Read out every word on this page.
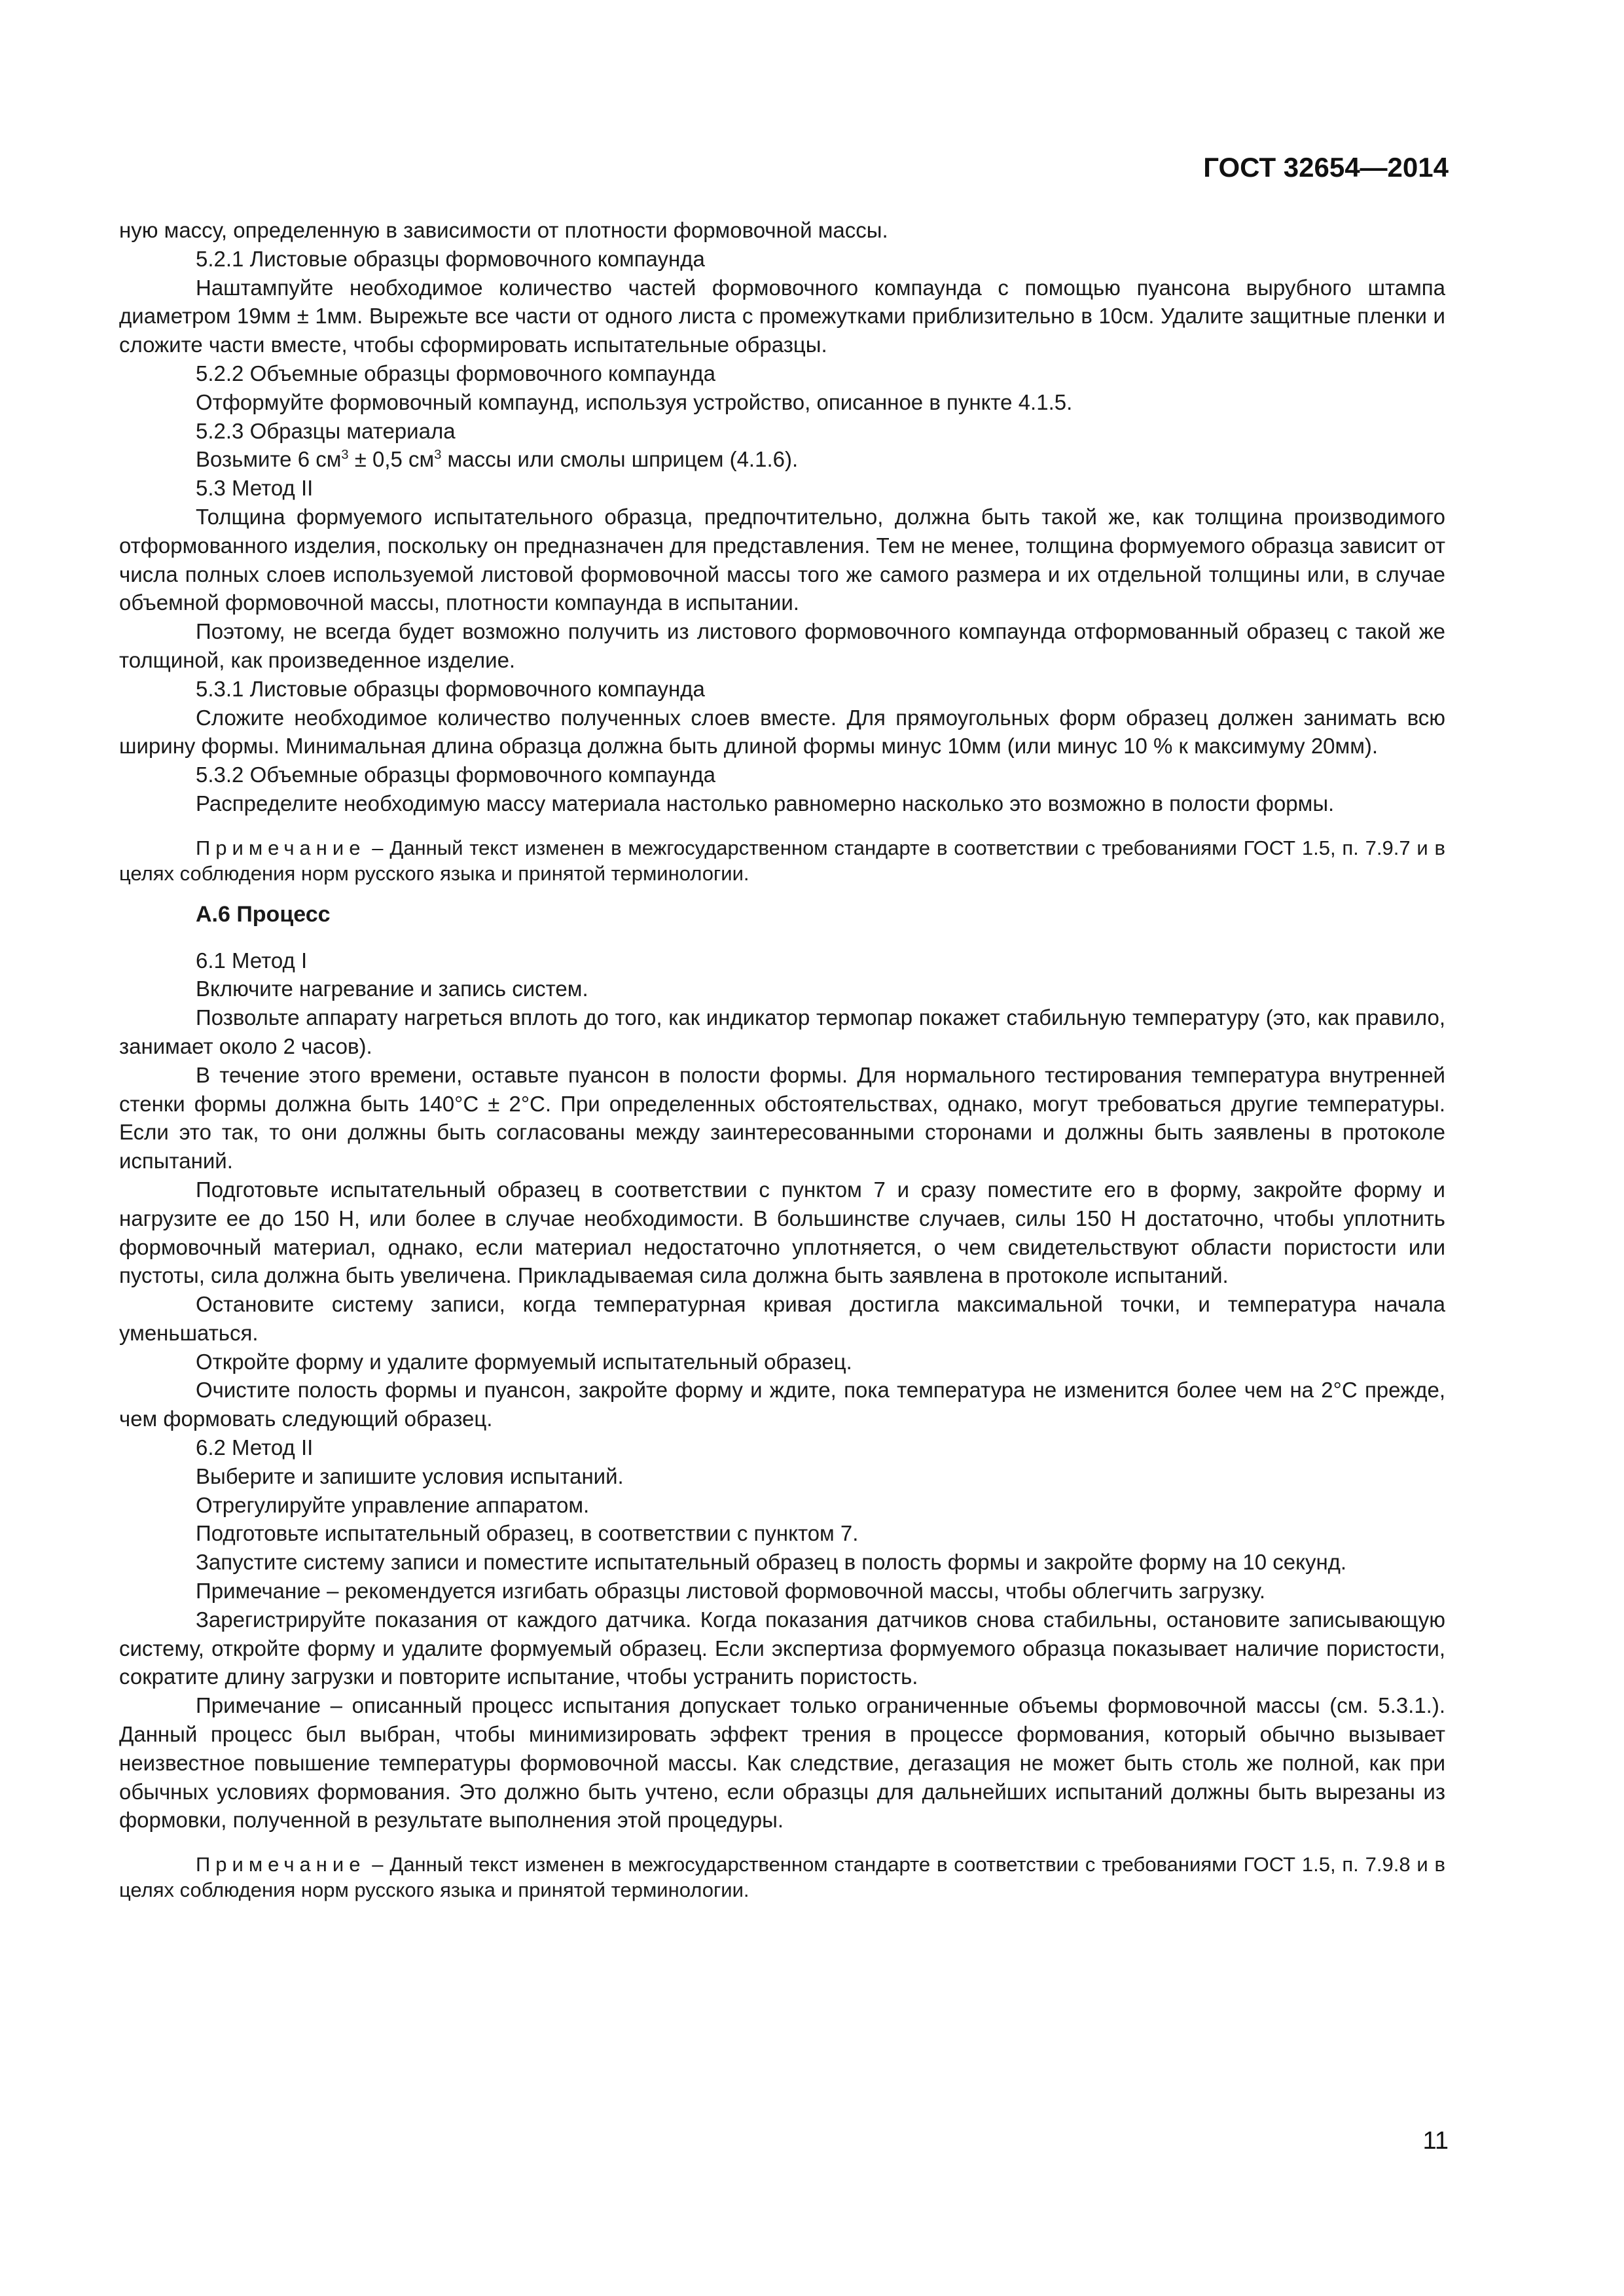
ГОСТ 32654—2014

ную массу, определенную в зависимости от плотности формовочной массы.

5.2.1 Листовые образцы формовочного компаунда

Наштампуйте необходимое количество частей формовочного компаунда с помощью пуансона вырубного штампа диаметром 19мм ± 1мм. Вырежьте все части от одного листа с промежутками приблизительно в 10см. Удалите защитные пленки и сложите части вместе, чтобы сформировать испытательные образцы.

5.2.2 Объемные образцы формовочного компаунда

Отформуйте формовочный компаунд, используя устройство, описанное в пункте 4.1.5.

5.2.3 Образцы материала

Возьмите 6 $см^3 \pm 0,5$ $см^3$ массы или смолы шприцем (4.1.6).

5.3 Метод II

Толщина формуемого испытательного образца, предпочтительно, должна быть такой же, как толщина производимого отформованного изделия, поскольку он предназначен для представления. Тем не менее, толщина формуемого образца зависит от числа полных слоев используемой листовой формовочной массы того же самого размера и их отдельной толщины или, в случае объемной формовочной массы, плотности компаунда в испытании.

Поэтому, не всегда будет возможно получить из листового формовочного компаунда отформованный образец с такой же толщиной, как произведенное изделие.

5.3.1 Листовые образцы формовочного компаунда

Сложите необходимое количество полученных слоев вместе. Для прямоугольных форм образец должен занимать всю ширину формы. Минимальная длина образца должна быть длиной формы минус 10мм (или минус 10 % к максимуму 20мм).

5.3.2 Объемные образцы формовочного компаунда

Распределите необходимую массу материала настолько равномерно насколько это возможно в полости формы.

Примечание – Данный текст изменен в межгосударственном стандарте в соответствии с требованиями ГОСТ 1.5, п. 7.9.7 и в целях соблюдения норм русского языка и принятой терминологии.

А.6 Процесс

6.1 Метод I

Включите нагревание и запись систем.

Позвольте аппарату нагреться вплоть до того, как индикатор термопар покажет стабильную температуру (это, как правило, занимает около 2 часов).

В течение этого времени, оставьте пуансон в полости формы. Для нормального тестирования температура внутренней стенки формы должна быть 140°C ± 2°C. При определенных обстоятельствах, однако, могут требоваться другие температуры. Если это так, то они должны быть согласованы между заинтересованными сторонами и должны быть заявлены в протоколе испытаний.

Подготовьте испытательный образец в соответствии с пунктом 7 и сразу поместите его в форму, закройте форму и нагрузите ее до 150 Н, или более в случае необходимости. В большинстве случаев, силы 150 Н достаточно, чтобы уплотнить формовочный материал, однако, если материал недостаточно уплотняется, о чем свидетельствуют области пористости или пустоты, сила должна быть увеличена. Прикладываемая сила должна быть заявлена в протоколе испытаний.

Остановите систему записи, когда температурная кривая достигла максимальной точки, и температура начала уменьшаться.

Откройте форму и удалите формуемый испытательный образец.

Очистите полость формы и пуансон, закройте форму и ждите, пока температура не изменится более чем на 2°C прежде, чем формовать следующий образец.

6.2 Метод II

Выберите и запишите условия испытаний.

Отрегулируйте управление аппаратом.

Подготовьте испытательный образец, в соответствии с пунктом 7.

Запустите систему записи и поместите испытательный образец в полость формы и закройте форму на 10 секунд.

Примечание – рекомендуется изгибать образцы листовой формовочной массы, чтобы облегчить загрузку.

Зарегистрируйте показания от каждого датчика. Когда показания датчиков снова стабильны, остановите записывающую систему, откройте форму и удалите формуемый образец. Если экспертиза формуемого образца показывает наличие пористости, сократите длину загрузки и повторите испытание, чтобы устранить пористость.

Примечание – описанный процесс испытания допускает только ограниченные объемы формовочной массы (см. 5.3.1.). Данный процесс был выбран, чтобы минимизировать эффект трения в процессе формования, который обычно вызывает неизвестное повышение температуры формовочной массы. Как следствие, дегазация не может быть столь же полной, как при обычных условиях формования. Это должно быть учтено, если образцы для дальнейших испытаний должны быть вырезаны из формовки, полученной в результате выполнения этой процедуры.

Примечание – Данный текст изменен в межгосударственном стандарте в соответствии с требованиями ГОСТ 1.5, п. 7.9.8 и в целях соблюдения норм русского языка и принятой терминологии.

11
